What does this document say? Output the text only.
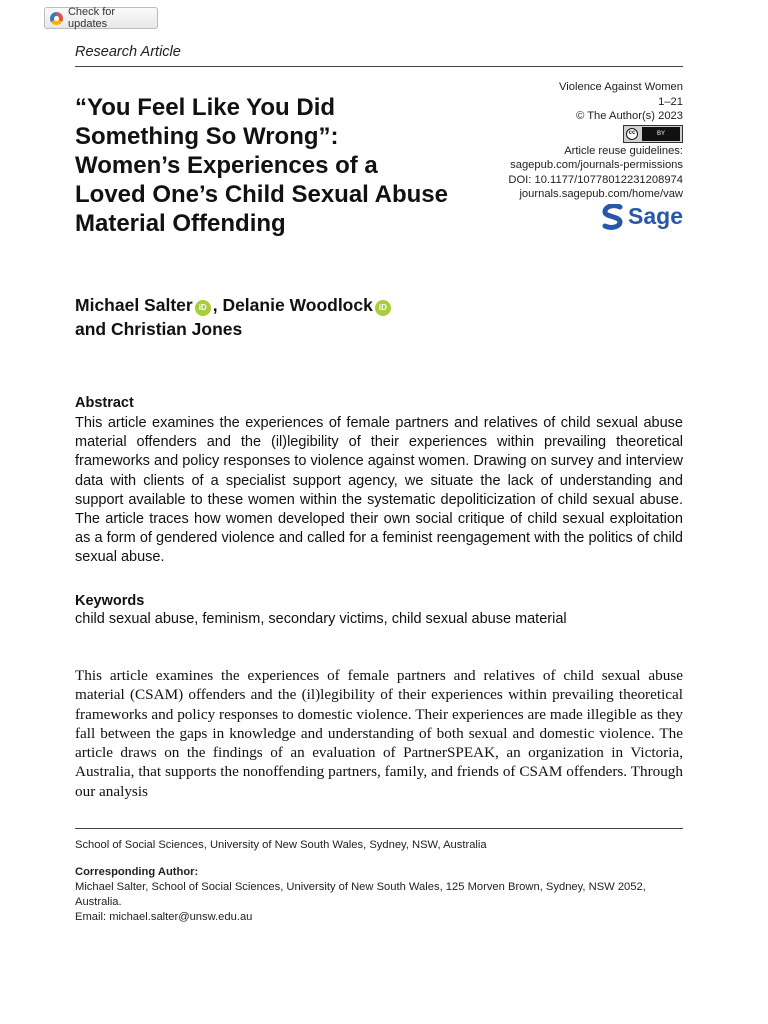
Check for updates
Research Article
“You Feel Like You Did
Something So Wrong”:
Women’s Experiences of a
Loved One’s Child Sexual Abuse
Material Offending
Violence Against Women
1–21
© The Author(s) 2023
cc	BY
Article reuse guidelines:
sagepub.com/journals-permissions
DOI: 10.1177/10778012231208974
journals.sagepub.com/home/vaw
Sage

Michael Salter iD , Delanie Woodlock iD
and Christian Jones

Abstract

This article examines the experiences of female partners and relatives of child sexual abuse material offenders and the (il)legibility of their experiences within prevailing theoretical frameworks and policy responses to violence against women. Drawing on survey and interview data with clients of a specialist support agency, we situate the lack of understanding and support available to these women within the systematic depoliticization of child sexual abuse. The article traces how women developed their own social critique of child sexual exploitation as a form of gendered violence and called for a feminist reengagement with the politics of child sexual abuse.

Keywords

child sexual abuse, feminism, secondary victims, child sexual abuse material

This article examines the experiences of female partners and relatives of child sexual abuse material (CSAM) offenders and the (il)legibility of their experiences within prevailing theoretical frameworks and policy responses to domestic violence. Their experiences are made illegible as they fall between the gaps in knowledge and understanding of both sexual and domestic violence. The article draws on the findings of an evaluation of PartnerSPEAK, an organization in Victoria, Australia, that supports the nonoffending partners, family, and friends of CSAM offenders. Through our analysis

School of Social Sciences, University of New South Wales, Sydney, NSW, Australia

Corresponding Author:

Michael Salter, School of Social Sciences, University of New South Wales, 125 Morven Brown, Sydney, NSW 2052, Australia.

Email: michael.salter@unsw.edu.au
